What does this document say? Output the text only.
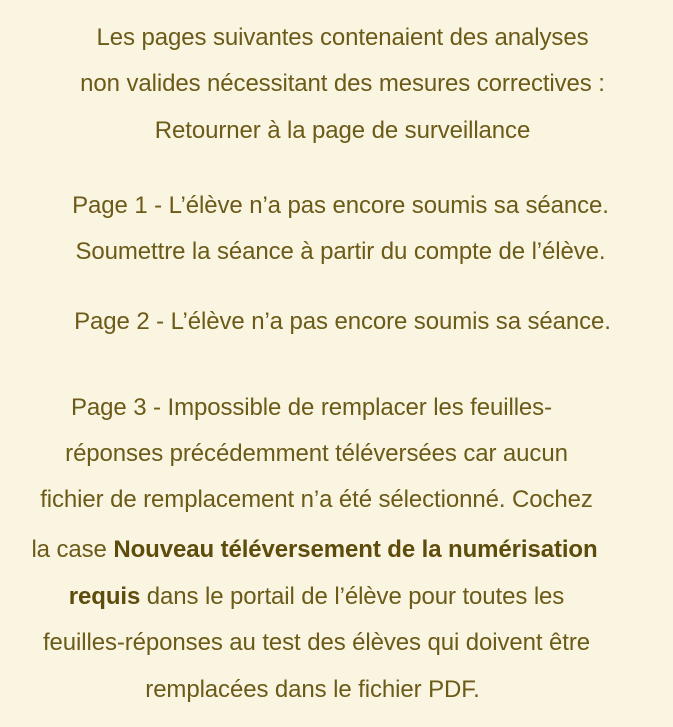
Les pages suivantes contenaient des analyses
non valides nécessitant des mesures correctives :
Retourner à la page de surveillance
Page 1 - L’élève n’a pas encore soumis sa séance.
Soumettre la séance à partir du compte de l’élève.
Page 2 - L’élève n’a pas encore soumis sa séance.
Page 3 - Impossible de remplacer les feuilles-
réponses précédemment téléversées car aucun
fichier de remplacement n’a été sélectionné. Cochez
la case Nouveau téléversement de la numérisation
requis dans le portail de l’élève pour toutes les
feuilles-réponses au test des élèves qui doivent être
remplacées dans le fichier PDF.
